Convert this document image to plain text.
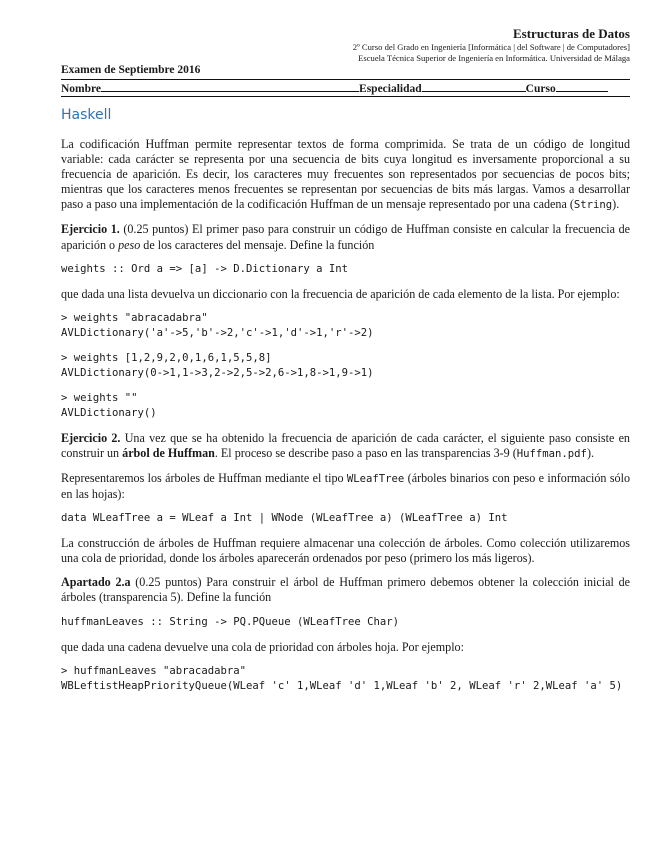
Estructuras de Datos
2º Curso del Grado en Ingeniería [Informática | del Software | de Computadores]
Escuela Técnica Superior de Ingeniería en Informática. Universidad de Málaga
Examen de Septiembre 2016
Nombre	Especialidad	Curso
Haskell

La codificación Huffman permite representar textos de forma comprimida. Se trata de un código de longitud variable: cada carácter se representa por una secuencia de bits cuya longitud es inversamente proporcional a su frecuencia de aparición. Es decir, los caracteres muy frecuentes son representados por secuencias de pocos bits; mientras que los caracteres menos frecuentes se representan por secuencias de bits más largas. Vamos a desarrollar paso a paso una implementación de la codificación Huffman de un mensaje representado por una cadena (String).

Ejercicio 1. (0.25 puntos) El primer paso para construir un código de Huffman consiste en calcular la frecuencia de aparición o peso de los caracteres del mensaje. Define la función

weights :: Ord a => [a] -> D.Dictionary a Int

que dada una lista devuelva un diccionario con la frecuencia de aparición de cada elemento de la lista. Por ejemplo:

> weights "abracadabra"
AVLDictionary('a'->5,'b'->2,'c'->1,'d'->1,'r'->2)
> weights [1,2,9,2,0,1,6,1,5,5,8]
AVLDictionary(0->1,1->3,2->2,5->2,6->1,8->1,9->1)
> weights ""
AVLDictionary()

Ejercicio 2. Una vez que se ha obtenido la frecuencia de aparición de cada carácter, el siguiente paso consiste en construir un árbol de Huffman. El proceso se describe paso a paso en las transparencias 3-9 (Huffman.pdf).

Representaremos los árboles de Huffman mediante el tipo WLeafTree (árboles binarios con peso e información sólo en las hojas):

data WLeafTree a = WLeaf a Int | WNode (WLeafTree a) (WLeafTree a) Int

La construcción de árboles de Huffman requiere almacenar una colección de árboles. Como colección utilizaremos una cola de prioridad, donde los árboles aparecerán ordenados por peso (primero los más ligeros).

Apartado 2.a (0.25 puntos) Para construir el árbol de Huffman primero debemos obtener la colección inicial de árboles (transparencia 5). Define la función

huffmanLeaves :: String -> PQ.PQueue (WLeafTree Char)

que dada una cadena devuelve una cola de prioridad con árboles hoja. Por ejemplo:

> huffmanLeaves "abracadabra"
WBLeftistHeapPriorityQueue(WLeaf 'c' 1,WLeaf 'd' 1,WLeaf 'b' 2, WLeaf 'r' 2,WLeaf 'a' 5)
